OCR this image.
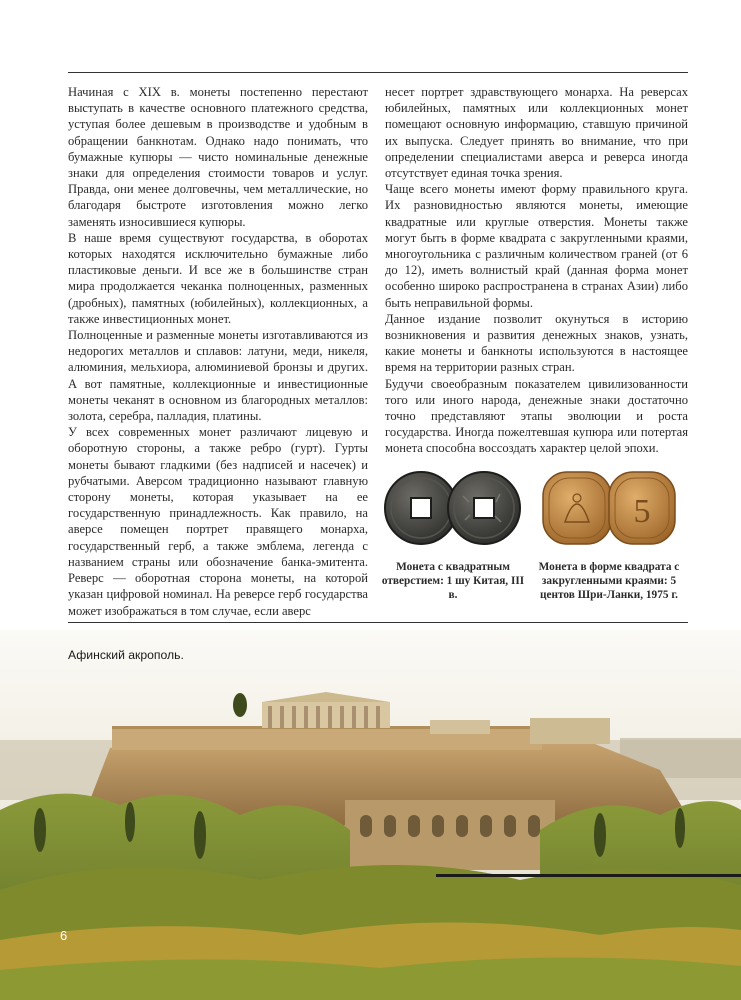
Начиная с XIX в. монеты постепенно перестают выступать в качестве основного платежного средства, уступая более дешевым в производстве и удобным в обращении банкнотам. Однако надо понимать, что бумажные купюры — чисто номинальные денежные знаки для определения стоимости товаров и услуг. Правда, они менее долговечны, чем металлические, но благодаря быстроте изготовления можно легко заменять износившиеся купюры.

В наше время существуют государства, в оборотах которых находятся исключительно бумажные либо пластиковые деньги. И все же в большинстве стран мира продолжается чеканка полноценных, разменных (дробных), памятных (юбилейных), коллекционных, а также инвестиционных монет.

Полноценные и разменные монеты изготавливаются из недорогих металлов и сплавов: латуни, меди, никеля, алюминия, мельхиора, алюминиевой бронзы и других. А вот памятные, коллекционные и инвестиционные монеты чеканят в основном из благородных металлов: золота, серебра, палладия, платины.

У всех современных монет различают лицевую и оборотную стороны, а также ребро (гурт). Гурты монеты бывают гладкими (без надписей и насечек) и рубчатыми. Аверсом традиционно называют главную сторону монеты, которая указывает на ее государственную принадлежность. Как правило, на аверсе помещен портрет правящего монарха, государственный герб, а также эмблема, легенда с названием страны или обозначение банка-эмитента. Реверс — оборотная сторона монеты, на которой указан цифровой номинал. На реверсе герб государства может изображаться в том случае, если аверс

несет портрет здравствующего монарха. На реверсах юбилейных, памятных или коллекционных монет помещают основную информацию, ставшую причиной их выпуска. Следует принять во внимание, что при определении специалистами аверса и реверса иногда отсутствует единая точка зрения.

Чаще всего монеты имеют форму правильного круга. Их разновидностью являются монеты, имеющие квадратные или круглые отверстия. Монеты также могут быть в форме квадрата с закругленными краями, многоугольника с различным количеством граней (от 6 до 12), иметь волнистый край (данная форма монет особенно широко распространена в странах Азии) либо быть неправильной формы.

Данное издание позволит окунуться в историю возникновения и развития денежных знаков, узнать, какие монеты и банкноты используются в настоящее время на территории разных стран.

Будучи своеобразным показателем цивилизованности того или иного народа, денежные знаки достаточно точно представляют этапы эволюции и роста государства. Иногда пожелтевшая купюра или потертая монета способна воссоздать характер целой эпохи.

Монета с квадратным отверстием: 1 шу Китая, III в.
5
Монета в форме квадрата с закругленными краями: 5 центов Шри-Ланки, 1975 г.
Афинский акрополь.
6
